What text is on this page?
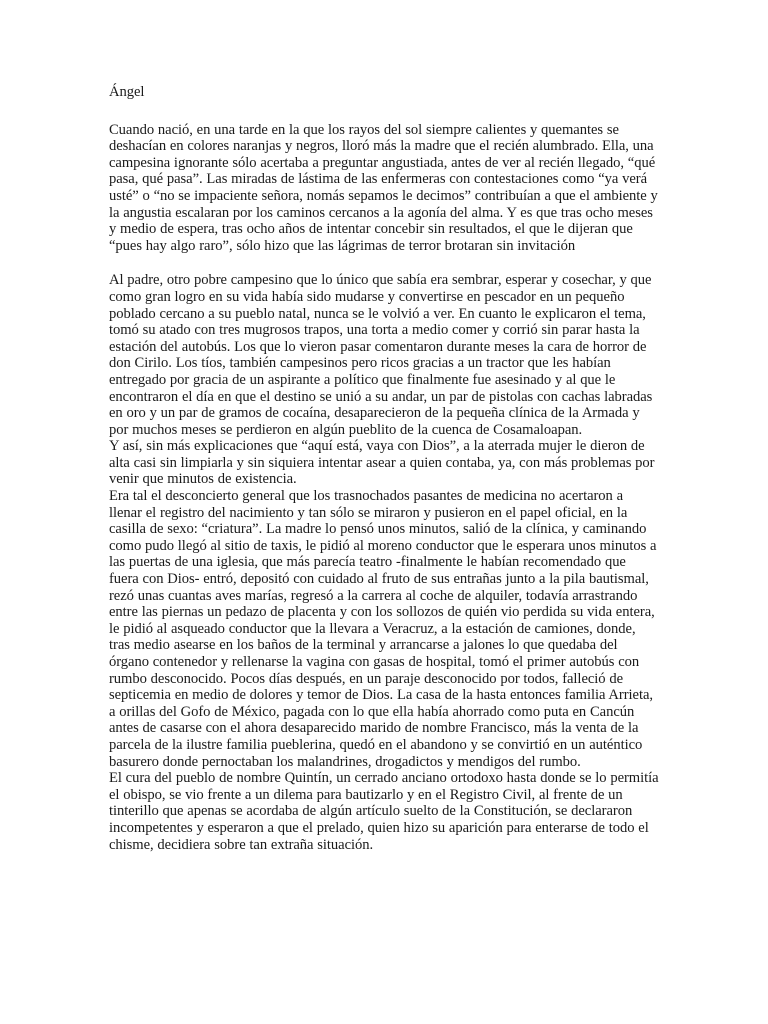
Ángel

Cuando nació, en una tarde en la que los rayos del sol siempre calientes y quemantes se deshacían en colores naranjas y negros, lloró más la madre que el recién alumbrado. Ella, una campesina ignorante sólo acertaba a preguntar angustiada, antes de ver al recién llegado, “qué pasa, qué pasa”. Las miradas de lástima de las enfermeras con contestaciones como “ya verá usté” o “no se impaciente señora, nomás sepamos le decimos” contribuían a que el ambiente y la angustia escalaran por los caminos cercanos a la agonía del alma. Y es que tras ocho meses y medio de espera, tras ocho años de intentar concebir sin resultados, el que le dijeran que “pues hay algo raro”, sólo hizo que las lágrimas de terror brotaran sin invitación

Al padre, otro pobre campesino que lo único que sabía era sembrar, esperar y cosechar, y que como gran logro en su vida había sido mudarse y convertirse en pescador en un pequeño poblado cercano a su pueblo natal, nunca se le volvió a ver. En cuanto le explicaron el tema, tomó su atado con tres mugrosos trapos, una torta a medio comer y corrió sin parar hasta la estación del autobús. Los que lo vieron pasar comentaron durante meses la cara de horror de don Cirilo. Los tíos, también campesinos pero ricos gracias a un tractor que les habían entregado por gracia de un aspirante a político que finalmente fue asesinado y al que le encontraron el día en que el destino se unió a su andar, un par de pistolas con cachas labradas en oro y un par de gramos de cocaína, desaparecieron de la pequeña clínica de la Armada y por muchos meses se perdieron en algún pueblito de la cuenca de Cosamaloapan.

Y así, sin más explicaciones que “aquí está, vaya con Dios”, a la aterrada mujer le dieron de alta casi sin limpiarla y sin siquiera intentar asear a quien contaba, ya, con más problemas por venir que minutos de existencia.

Era tal el desconcierto general que los trasnochados pasantes de medicina no acertaron a llenar el registro del nacimiento y tan sólo se miraron y pusieron en el papel oficial, en la casilla de sexo: “criatura”. La madre lo pensó unos minutos, salió de la clínica, y caminando como pudo llegó al sitio de taxis, le pidió al moreno conductor que le esperara unos minutos a las puertas de una iglesia, que más parecía teatro -finalmente le habían recomendado que fuera con Dios- entró, depositó con cuidado al fruto de sus entrañas junto a la pila bautismal, rezó unas cuantas aves marías, regresó a la carrera al coche de alquiler, todavía arrastrando entre las piernas un pedazo de placenta y con los sollozos de quién vio perdida su vida entera, le pidió al asqueado conductor que la llevara a Veracruz, a la estación de camiones, donde, tras medio asearse en los baños de la terminal y arrancarse a jalones lo que quedaba del órgano contenedor y rellenarse la vagina con gasas de hospital, tomó el primer autobús con rumbo desconocido. Pocos días después, en un paraje desconocido por todos, falleció de septicemia en medio de dolores y temor de Dios. La casa de la hasta entonces familia Arrieta, a orillas del Gofo de México, pagada con lo que ella había ahorrado como puta en Cancún antes de casarse con el ahora desaparecido marido de nombre Francisco, más la venta de la parcela de la ilustre familia pueblerina, quedó en el abandono y se convirtió en un auténtico basurero donde pernoctaban los malandrines, drogadictos y mendigos del rumbo.

El cura del pueblo de nombre Quintín, un cerrado anciano ortodoxo hasta donde se lo permitía el obispo, se vio frente a un dilema para bautizarlo y en el Registro Civil, al frente de un tinterillo que apenas se acordaba de algún artículo suelto de la Constitución, se declararon incompetentes y esperaron a que el prelado, quien hizo su aparición para enterarse de todo el chisme, decidiera sobre tan extraña situación.
